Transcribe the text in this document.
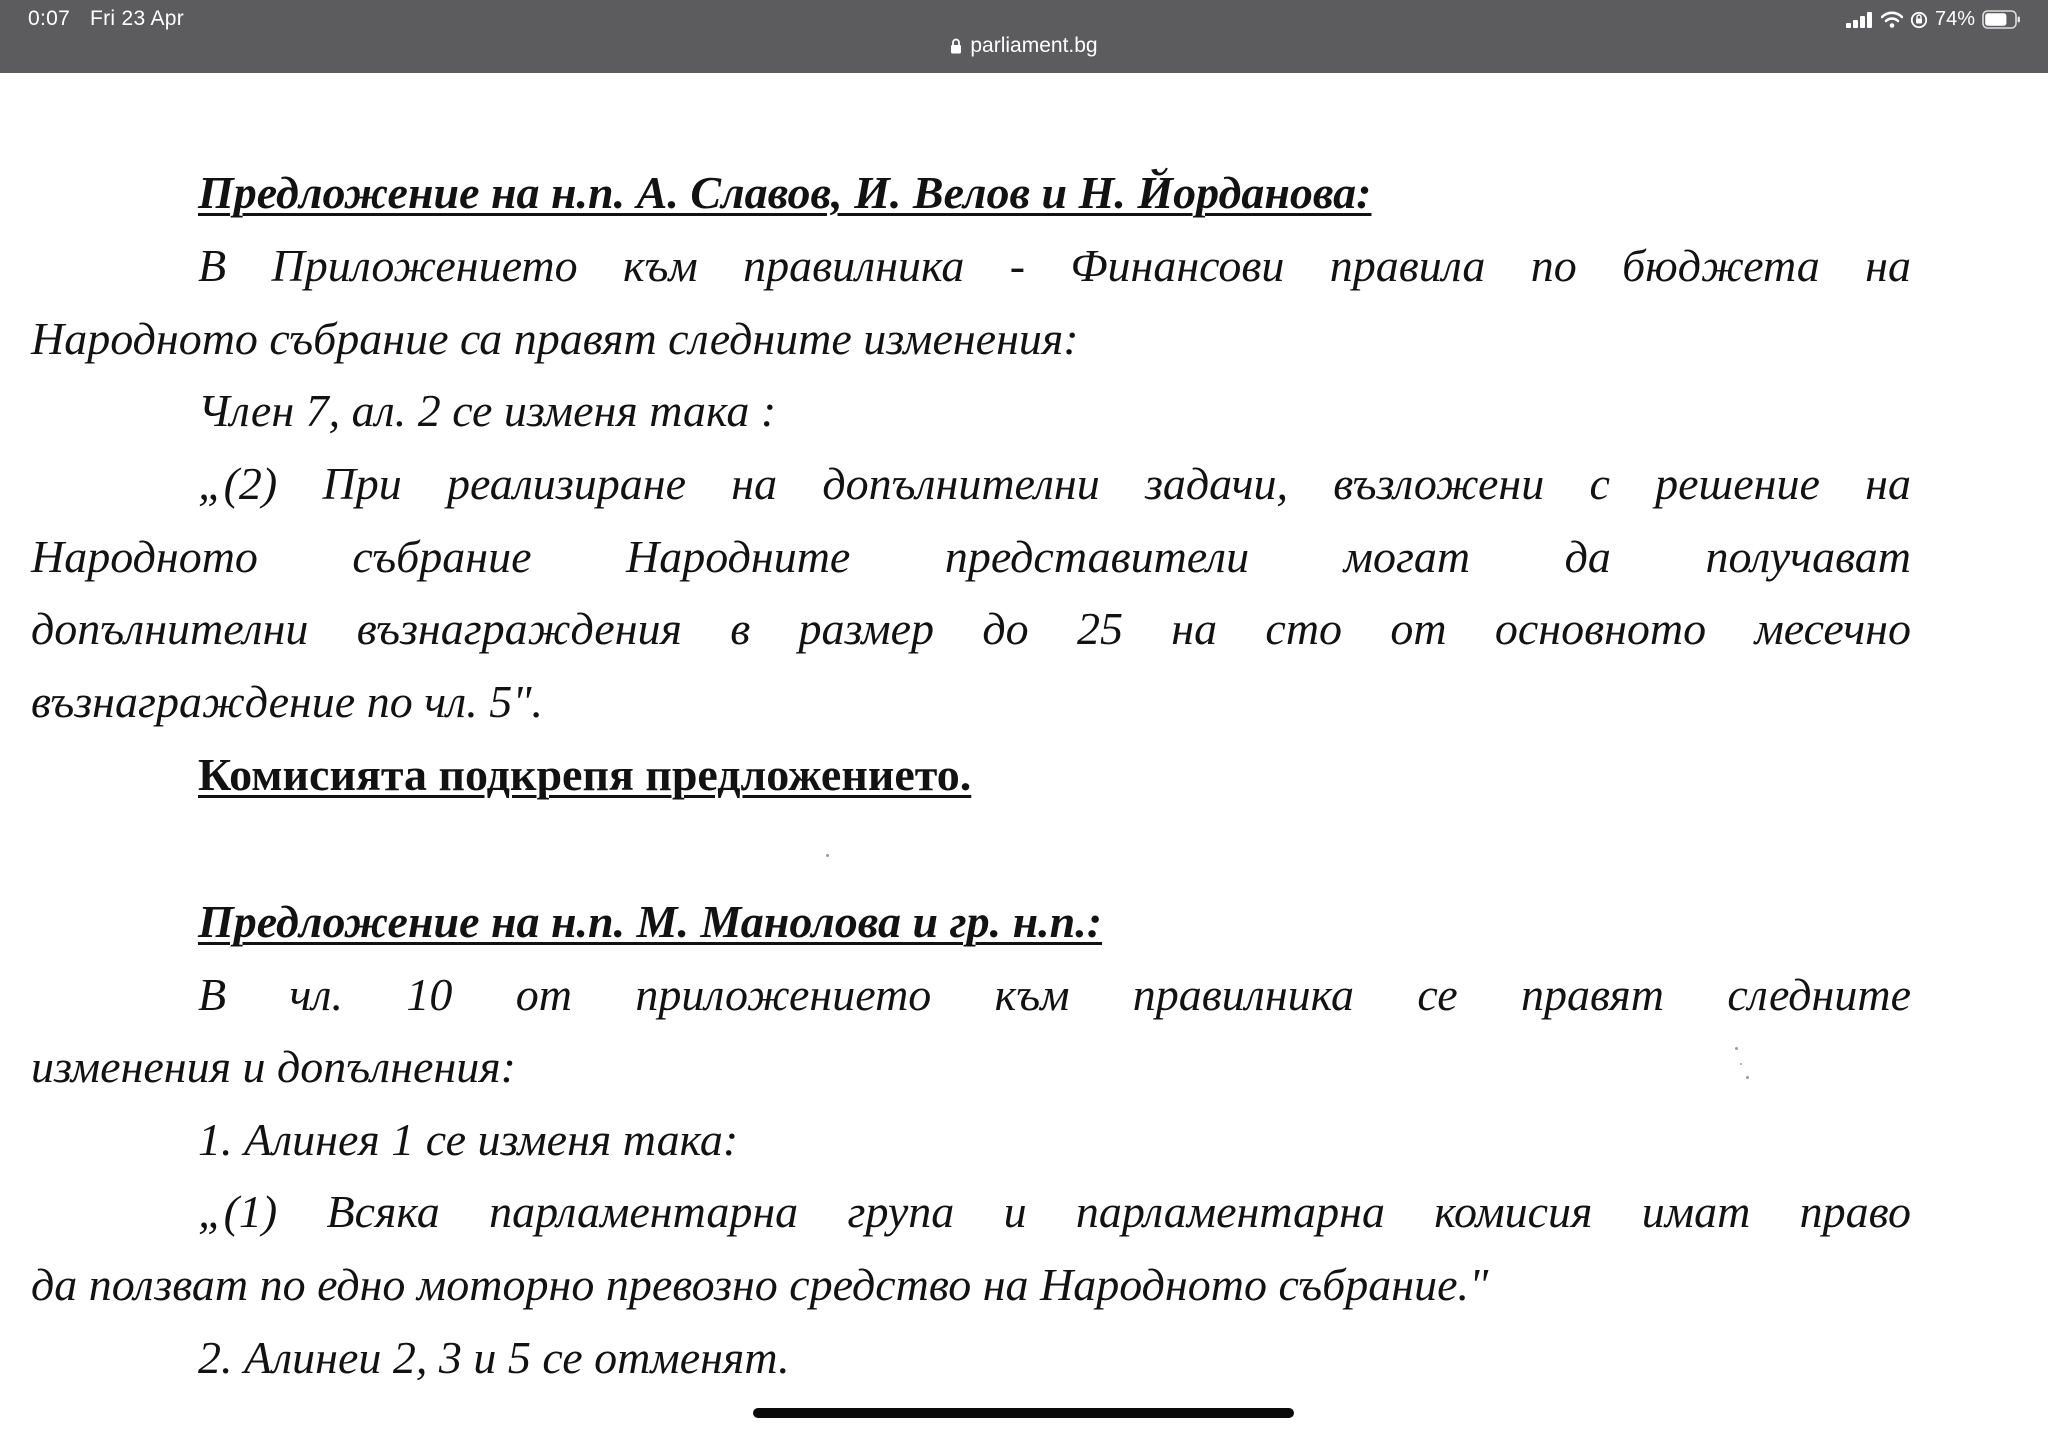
0:07 Fri 23 Apr
parliament.bg
74%
Предложение на н.п. А. Славов, И. Велов и Н. Йорданова:
В Приложението към правилника - Финансови правила по бюджета на
Народното събрание са правят следните изменения:
Член 7, ал. 2 се изменя така :
„(2) При реализиране на допълнителни задачи, възложени с решение на
Народното събрание Народните представители могат да получават
допълнителни възнаграждения в размер до 25 на сто от основното месечно
възнаграждение по чл. 5".
Комисията подкрепя предложението.
Предложение на н.п. М. Манолова и гр. н.п.:
В чл. 10 от приложението към правилника се правят следните
изменения и допълнения:
1. Алинея 1 се изменя така:
„(1) Всяка парламентарна група и парламентарна комисия имат право
да ползват по едно моторно превозно средство на Народното събрание."
2. Алинеи 2, 3 и 5 се отменят.
